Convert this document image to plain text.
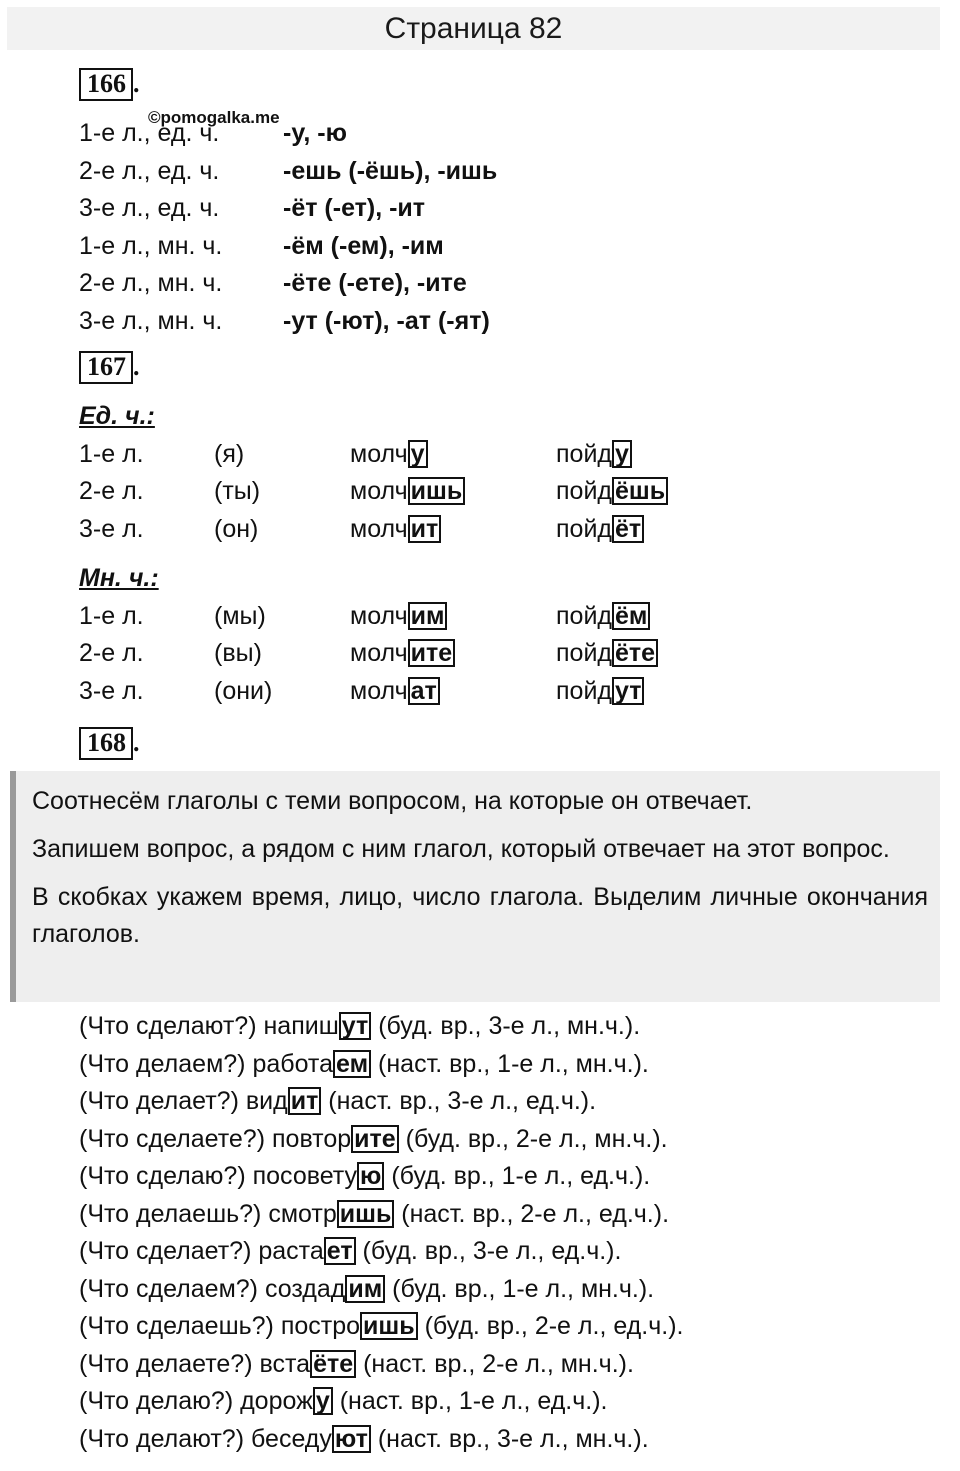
Страница 82
166 .
©pomogalka.me
1-е л., ед. ч.	-у, -ю
2-е л., ед. ч.	-ешь (-ёшь), -ишь
3-е л., ед. ч.	-ёт (-ет), -ит
1-е л., мн. ч. -ём (-ем), -им
2-е л., мн. ч. -ёте (-ете), -ите
3-е л., мн. ч. -ут (-ют), -ат (-ят)
167 .
Ед. ч.:
1-е л.	(я)	молч у	пойд у
2-е л.	(ты)	молч ишь	пойд ёшь
3-е л.	(он)	молч ит	пойд ёт
Мн. ч.:
1-е л.	(мы)	молч им	пойд ём
2-е л.	(вы)	молч ите	пойд ёте
3-е л.	(они)	молч ат	пойд ут
168 .

Соотнесём глаголы с теми вопросом, на которые он отвечает.

Запишем вопрос, а рядом с ним глагол, который отвечает на этот вопрос.

В скобках укажем время, лицо, число глагола. Выделим личные окончания глаголов.

(Что сделают?) напиш ут (буд. вр., 3-е л., мн.ч.).
(Что делаем?) работа ем (наст. вр., 1-е л., мн.ч.).
(Что делает?) вид ит (наст. вр., 3-е л., ед.ч.).
(Что сделаете?) повтор ите (буд. вр., 2-е л., мн.ч.).
(Что сделаю?) посовету ю (буд. вр., 1-е л., ед.ч.).
(Что делаешь?) смотр ишь (наст. вр., 2-е л., ед.ч.).
(Что сделает?) раста ет (буд. вр., 3-е л., ед.ч.).
(Что сделаем?) создад им (буд. вр., 1-е л., мн.ч.).
(Что сделаешь?) постро ишь (буд. вр., 2-е л., ед.ч.).
(Что делаете?) вста ёте (наст. вр., 2-е л., мн.ч.).
(Что делаю?) дорож у (наст. вр., 1-е л., ед.ч.).
(Что делают?) беседу ют (наст. вр., 3-е л., мн.ч.).
